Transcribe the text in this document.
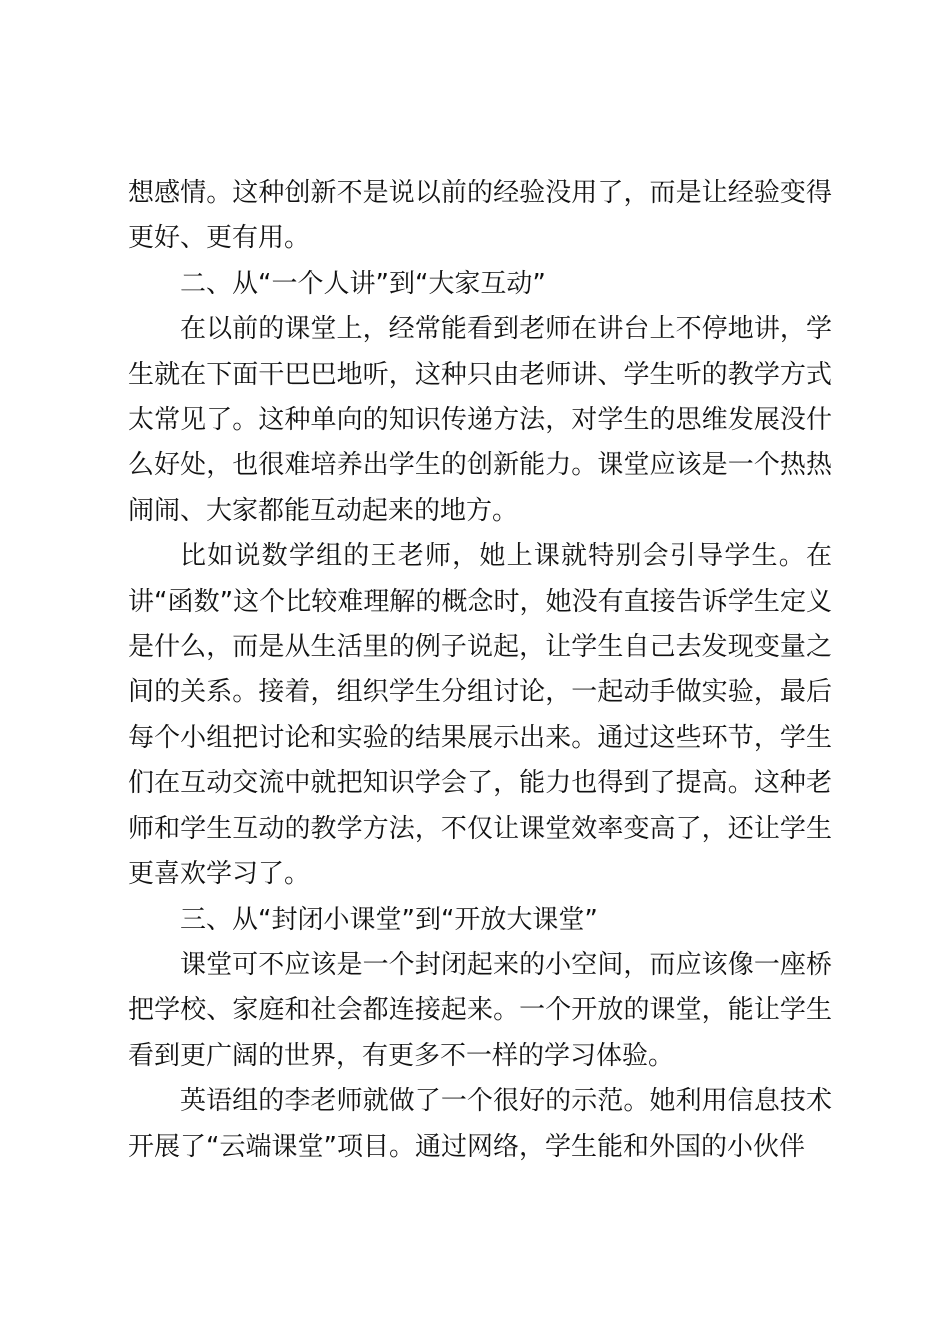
想感情。这种创新不是说以前的经验没用了，而是让经验变得更好、更有用。

二、从“一个人讲”到“大家互动”

在以前的课堂上，经常能看到老师在讲台上不停地讲，学生就在下面干巴巴地听，这种只由老师讲、学生听的教学方式太常见了。这种单向的知识传递方法，对学生的思维发展没什么好处，也很难培养出学生的创新能力。课堂应该是一个热热闹闹、大家都能互动起来的地方。

比如说数学组的王老师，她上课就特别会引导学生。在讲“函数”这个比较难理解的概念时，她没有直接告诉学生定义是什么，而是从生活里的例子说起，让学生自己去发现变量之间的关系。接着，组织学生分组讨论，一起动手做实验，最后每个小组把讨论和实验的结果展示出来。通过这些环节，学生们在互动交流中就把知识学会了，能力也得到了提高。这种老师和学生互动的教学方法，不仅让课堂效率变高了，还让学生更喜欢学习了。

三、从“封闭小课堂”到“开放大课堂”

课堂可不应该是一个封闭起来的小空间，而应该像一座桥把学校、家庭和社会都连接起来。一个开放的课堂，能让学生看到更广阔的世界，有更多不一样的学习体验。

英语组的李老师就做了一个很好的示范。她利用信息技术开展了“云端课堂”项目。通过网络，学生能和外国的小伙伴
